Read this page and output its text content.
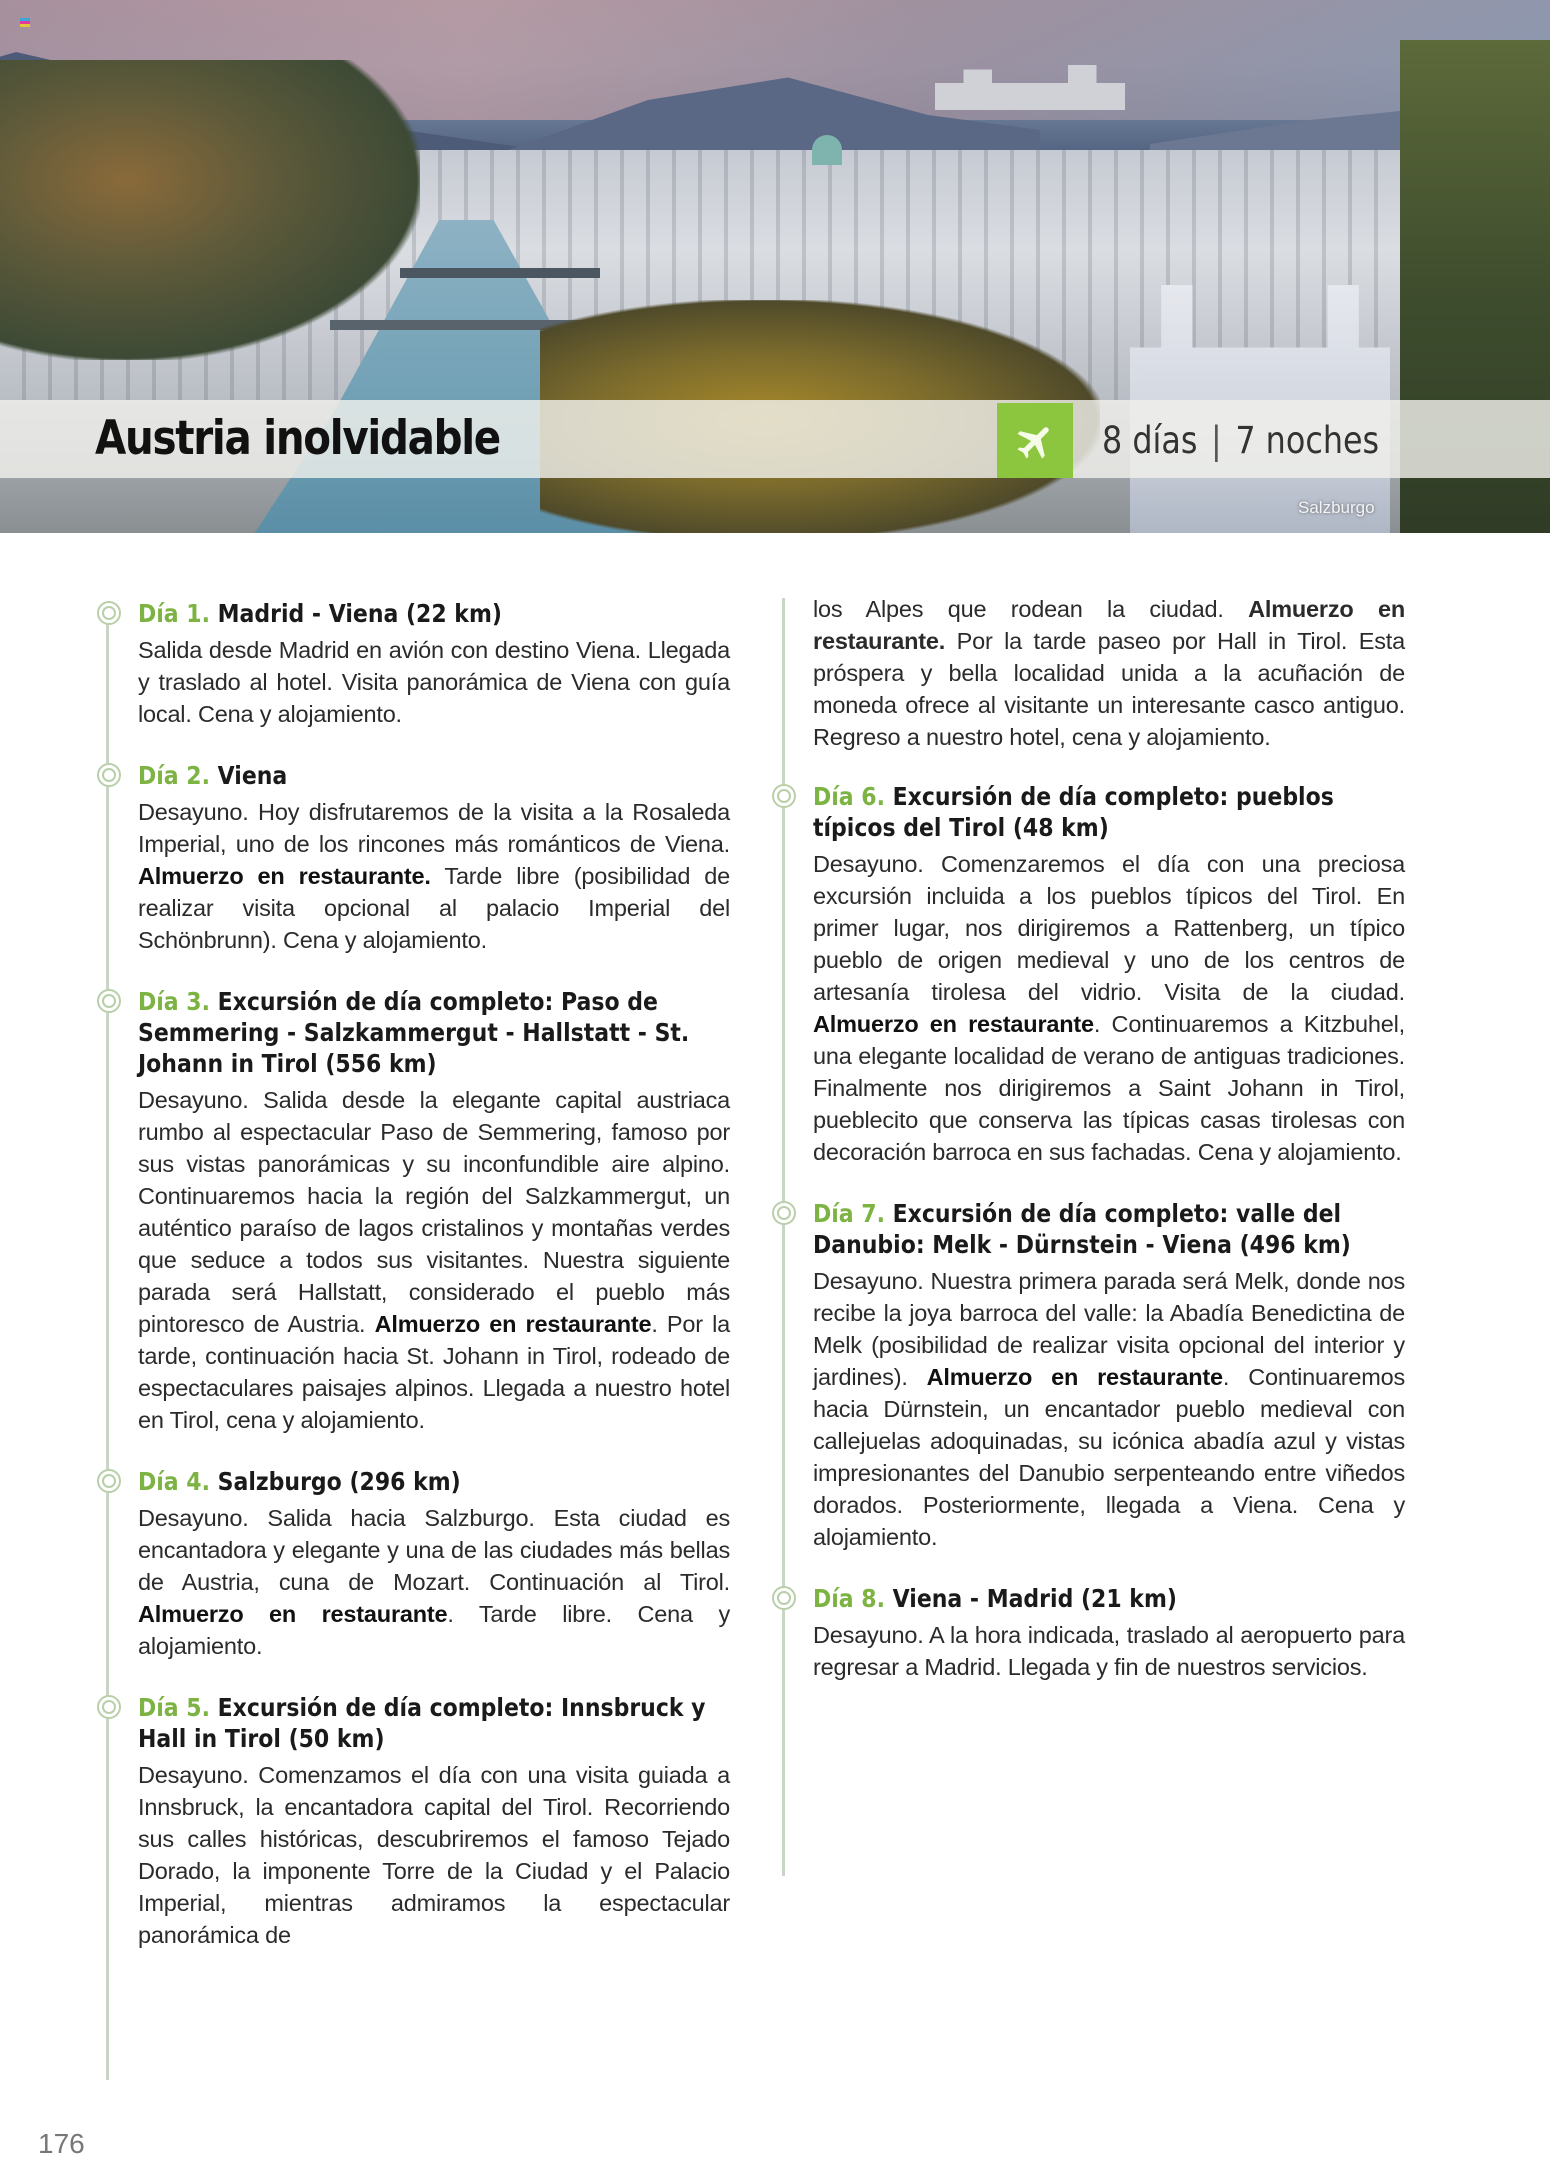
Austria inolvidable	8 días | 7 noches
Salzburgo
Día 1. Madrid - Viena (22 km)
Salida desde Madrid en avión con destino Viena. Llegada y traslado al hotel. Visita panorámica de Viena con guía local. Cena y alojamiento.
Día 2. Viena
Desayuno. Hoy disfrutaremos de la visita a la Rosaleda Imperial, uno de los rincones más románticos de Viena. Almuerzo en restaurante. Tarde libre (posibilidad de realizar visita opcional al palacio Imperial del Schönbrunn). Cena y alojamiento.
Día 3. Excursión de día completo: Paso de Semmering - Salzkammergut - Hallstatt - St. Johann in Tirol (556 km)
Desayuno. Salida desde la elegante capital austriaca rumbo al espectacular Paso de Semmering, famoso por sus vistas panorámicas y su inconfundible aire alpino. Continuaremos hacia la región del Salzkammergut, un auténtico paraíso de lagos cristalinos y montañas verdes que seduce a todos sus visitantes. Nuestra siguiente parada será Hallstatt, considerado el pueblo más pintoresco de Austria. Almuerzo en restaurante. Por la tarde, continuación hacia St. Johann in Tirol, rodeado de espectaculares paisajes alpinos. Llegada a nuestro hotel en Tirol, cena y alojamiento.
Día 4. Salzburgo (296 km)
Desayuno. Salida hacia Salzburgo. Esta ciudad es encantadora y elegante y una de las ciudades más bellas de Austria, cuna de Mozart. Continuación al Tirol. Almuerzo en restaurante. Tarde libre. Cena y alojamiento.
Día 5. Excursión de día completo: Innsbruck y Hall in Tirol (50 km)
Desayuno. Comenzamos el día con una visita guiada a Innsbruck, la encantadora capital del Tirol. Recorriendo sus calles históricas, descubriremos el famoso Tejado Dorado, la imponente Torre de la Ciudad y el Palacio Imperial, mientras admiramos la espectacular panorámica de
los Alpes que rodean la ciudad. Almuerzo en restaurante. Por la tarde paseo por Hall in Tirol. Esta próspera y bella localidad unida a la acuñación de moneda ofrece al visitante un interesante casco antiguo. Regreso a nuestro hotel, cena y alojamiento.
Día 6. Excursión de día completo: pueblos típicos del Tirol (48 km)
Desayuno. Comenzaremos el día con una preciosa excursión incluida a los pueblos típicos del Tirol. En primer lugar, nos dirigiremos a Rattenberg, un típico pueblo de origen medieval y uno de los centros de artesanía tirolesa del vidrio. Visita de la ciudad. Almuerzo en restaurante. Continuaremos a Kitzbuhel, una elegante localidad de verano de antiguas tradiciones. Finalmente nos dirigiremos a Saint Johann in Tirol, pueblecito que conserva las típicas casas tirolesas con decoración barroca en sus fachadas. Cena y alojamiento.
Día 7. Excursión de día completo: valle del Danubio: Melk - Dürnstein - Viena (496 km)
Desayuno. Nuestra primera parada será Melk, donde nos recibe la joya barroca del valle: la Abadía Benedictina de Melk (posibilidad de realizar visita opcional del interior y jardines). Almuerzo en restaurante. Continuaremos hacia Dürnstein, un encantador pueblo medieval con callejuelas adoquinadas, su icónica abadía azul y vistas impresionantes del Danubio serpenteando entre viñedos dorados. Posteriormente, llegada a Viena. Cena y alojamiento.
Día 8. Viena - Madrid (21 km)
Desayuno. A la hora indicada, traslado al aeropuerto para regresar a Madrid. Llegada y fin de nuestros servicios.
176
